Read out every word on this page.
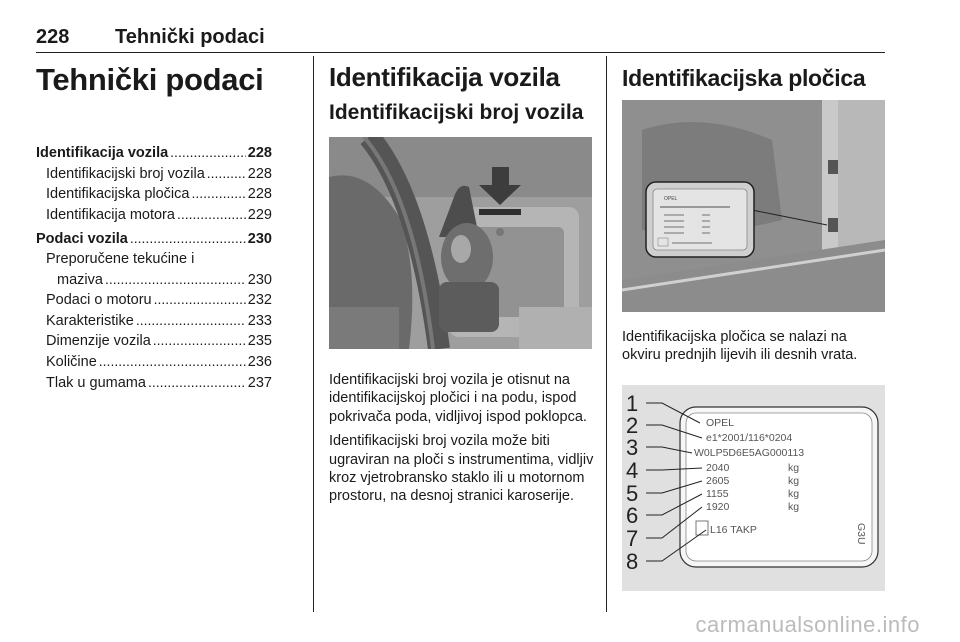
228 Tehnički podaci
Tehnički podaci
Identifikacija vozila .....	228
Identifikacijski broj vozila .....	228
Identifikacijska pločica .....	228
Identifikacija motora .....	229
Podaci vozila .....	230
Preporučene tekućine i
maziva .....	230
Podaci o motoru .....	232
Karakteristike .....	233
Dimenzije vozila .....	235
Količine .....	236
Tlak u gumama .....	237
Identifikacija vozila
Identifikacijski broj vozila

Identifikacijski broj vozila je otisnut na identifikacijskoj pločici i na podu, ispod pokrivača poda, vidljivoj ispod poklopca.

Identifikacijski broj vozila može biti ugraviran na ploči s instrumentima, vidljiv kroz vjetrobransko staklo ili u motornom prostoru, na desnoj stranici karoserije.

Identifikacijska pločica
OPEL

Identifikacijska pločica se nalazi na okviru prednjih lijevih ili desnih vrata.

OPEL
e1*2001/116*0204
W0LP5D6E5AG000113
2040
2605
1155
1920
kg
kg
kg
kg
L16 TAKP	G3U
1
2
3
4
5
6
7
8
carmanualsonline.info
